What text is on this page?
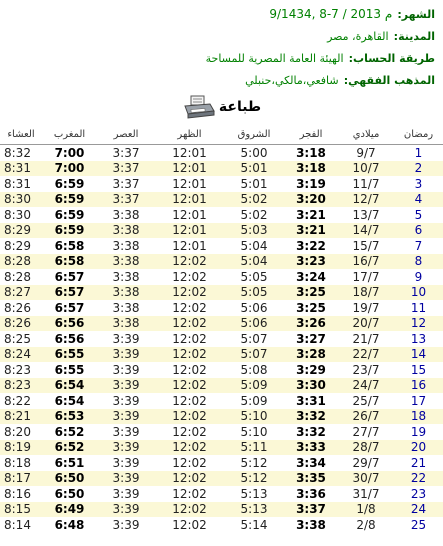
الشهر: 9/1434, 8-7 / 2013 م
المدينة: القاهرة، مصر
طريقة الحساب: الهيئة العامة المصرية للمساحة
المذهب الفقهي: شافعي،مالكي،حنبلي
طباعة
العشاء	المغرب	العصر	الظهر	الشروق	الفجر	ميلادي	رمضان
8:32	7:00	3:37	12:01	5:00	3:18	9/7	1
8:31	7:00	3:37	12:01	5:01	3:18	10/7	2
8:31	6:59	3:37	12:01	5:01	3:19	11/7	3
8:30	6:59	3:37	12:01	5:02	3:20	12/7	4
8:30	6:59	3:38	12:01	5:02	3:21	13/7	5
8:29	6:59	3:38	12:01	5:03	3:21	14/7	6
8:29	6:58	3:38	12:01	5:04	3:22	15/7	7
8:28	6:58	3:38	12:02	5:04	3:23	16/7	8
8:28	6:57	3:38	12:02	5:05	3:24	17/7	9
8:27	6:57	3:38	12:02	5:05	3:25	18/7	10
8:26	6:57	3:38	12:02	5:06	3:25	19/7	11
8:26	6:56	3:38	12:02	5:06	3:26	20/7	12
8:25	6:56	3:39	12:02	5:07	3:27	21/7	13
8:24	6:55	3:39	12:02	5:07	3:28	22/7	14
8:23	6:55	3:39	12:02	5:08	3:29	23/7	15
8:23	6:54	3:39	12:02	5:09	3:30	24/7	16
8:22	6:54	3:39	12:02	5:09	3:31	25/7	17
8:21	6:53	3:39	12:02	5:10	3:32	26/7	18
8:20	6:52	3:39	12:02	5:10	3:32	27/7	19
8:19	6:52	3:39	12:02	5:11	3:33	28/7	20
8:18	6:51	3:39	12:02	5:12	3:34	29/7	21
8:17	6:50	3:39	12:02	5:12	3:35	30/7	22
8:16	6:50	3:39	12:02	5:13	3:36	31/7	23
8:15	6:49	3:39	12:02	5:13	3:37	1/8	24
8:14	6:48	3:39	12:02	5:14	3:38	2/8	25
